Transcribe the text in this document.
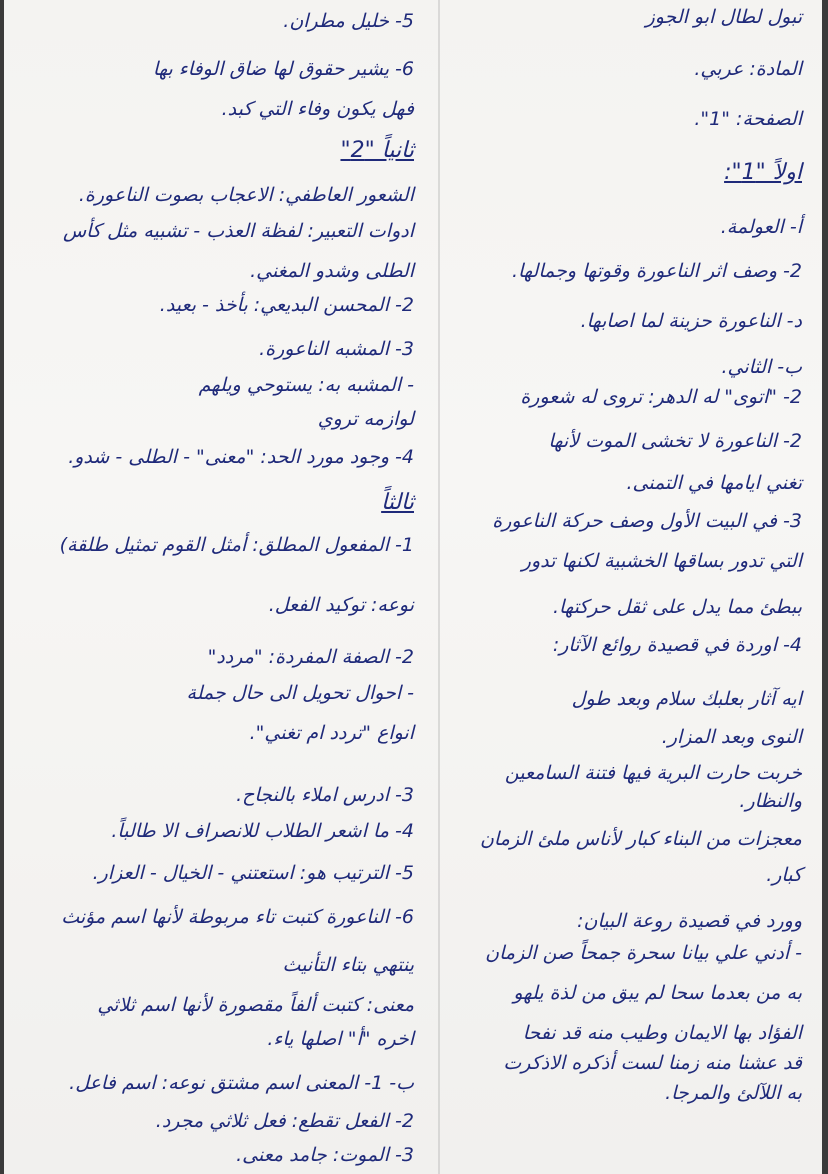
تبول لطال ابو الجوز
المادة: عربي.
الصفحة: "1".
اولاً "1":
أ- العولمة.
2- وصف اثر الناعورة وقوتها وجمالها.
د- الناعورة حزينة لما اصابها.
ب- الثاني.
2- "اتوى" له الدهر: تروى له شعورة
2- الناعورة لا تخشى الموت لأنها
تغني ايامها في التمنى.
3- في البيت الأول وصف حركة الناعورة
التي تدور بساقها الخشبية لكنها تدور
ببطئ مما يدل على ثقل حركتها.
4- اوردة في قصيدة روائع الآثار:
ايه آثار بعلبك سلام وبعد طول
النوى وبعد المزار.
خربت حارت البرية فيها فتنة السامعين
والنظار.
معجزات من البناء كبار لأناس ملئ الزمان
كبار.
وورد في قصيدة روعة البيان:
- أدني علي بيانا سحرة جمحاً صن الزمان
به من بعدما سحا لم يبق من لذة يلهو
الفؤاد بها الايمان وطيب منه قد نفحا
قد عشنا منه زمنا لست أذكره الاذكرت
به اللآلئ والمرجا.
5- خليل مطران.
6- يشير حقوق لها ضاق الوفاء بها
فهل يكون وفاء التي كبد.
ثانياً "2"
الشعور العاطفي: الاعجاب بصوت الناعورة.
ادوات التعبير: لفظة العذب - تشبيه مثل كأس
الطلى وشدو المغني.
2- المحسن البديعي: بأخذ - بعيد.
3- المشبه الناعورة.
- المشبه به: يستوحي ويلهم
لوازمه تروي
4- وجود مورد الحد: "معنى" - الطلى - شدو.
ثالثاً
1- المفعول المطلق: أمثل القوم تمثيل طلقة)
نوعه: توكيد الفعل.
2- الصفة المفردة: "مردد"
- احوال تحويل الى حال جملة
انواع "تردد ام تغني".
3- ادرس املاء بالنجاح.
4- ما اشعر الطلاب للانصراف الا طالباً.
5- الترتيب هو: استعتني - الخيال - العزار.
6- الناعورة كتبت تاء مربوطة لأنها اسم مؤنث
ينتهي بتاء التأنيث
معنى: كتبت ألفاً مقصورة لأنها اسم ثلاثي
اخره "أ" اصلها ياء.
ب- 1- المعنى اسم مشتق نوعه: اسم فاعل.
2- الفعل تقطع: فعل ثلاثي مجرد.
3- الموت: جامد معنى.
